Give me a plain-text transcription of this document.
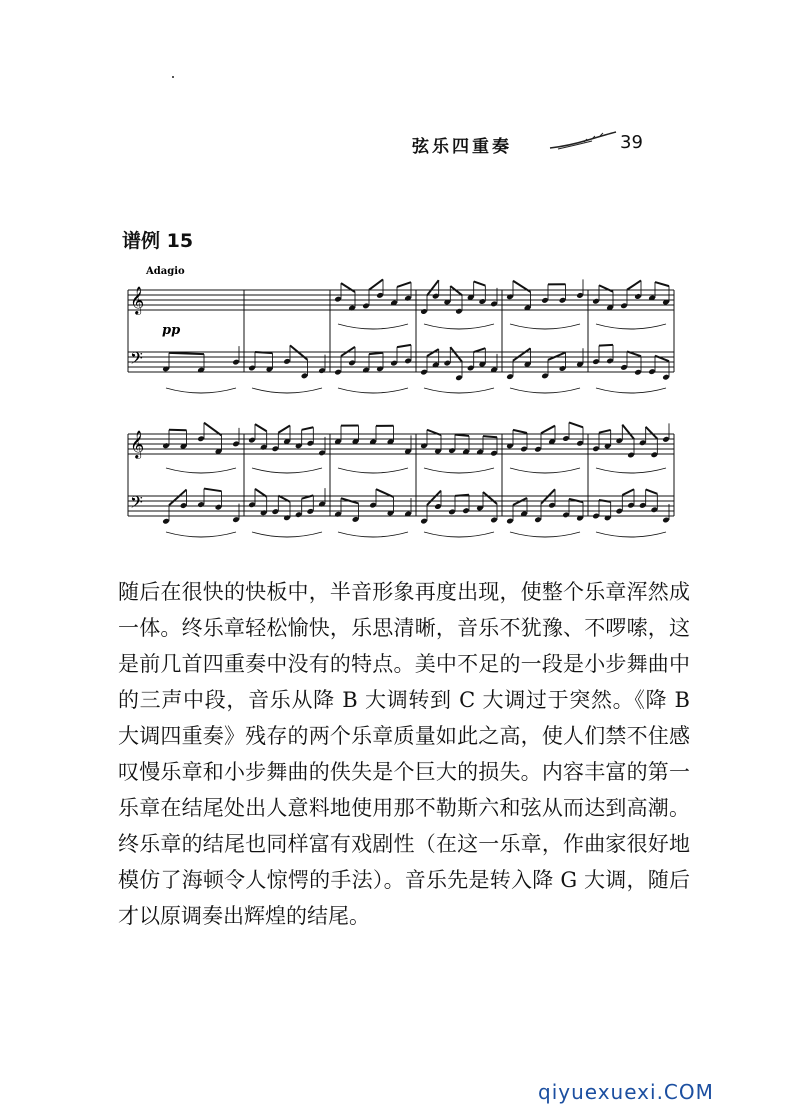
弦乐四重奏	39
谱例 15
Adagio
pp
𝄞
𝄢
𝄞
𝄢

随后在很快的快板中，半音形象再度出现，使整个乐章浑然成一体。终乐章轻松愉快，乐思清晰，音乐不犹豫、不啰嗦，这是前几首四重奏中没有的特点。美中不足的一段是小步舞曲中的三声中段，音乐从降 B 大调转到 C 大调过于突然。《降 B 大调四重奏》残存的两个乐章质量如此之高，使人们禁不住感叹慢乐章和小步舞曲的佚失是个巨大的损失。内容丰富的第一乐章在结尾处出人意料地使用那不勒斯六和弦从而达到高潮。终乐章的结尾也同样富有戏剧性（在这一乐章，作曲家很好地模仿了海顿令人惊愕的手法）。音乐先是转入降 G 大调，随后才以原调奏出辉煌的结尾。

qiyuexuexi.COM
